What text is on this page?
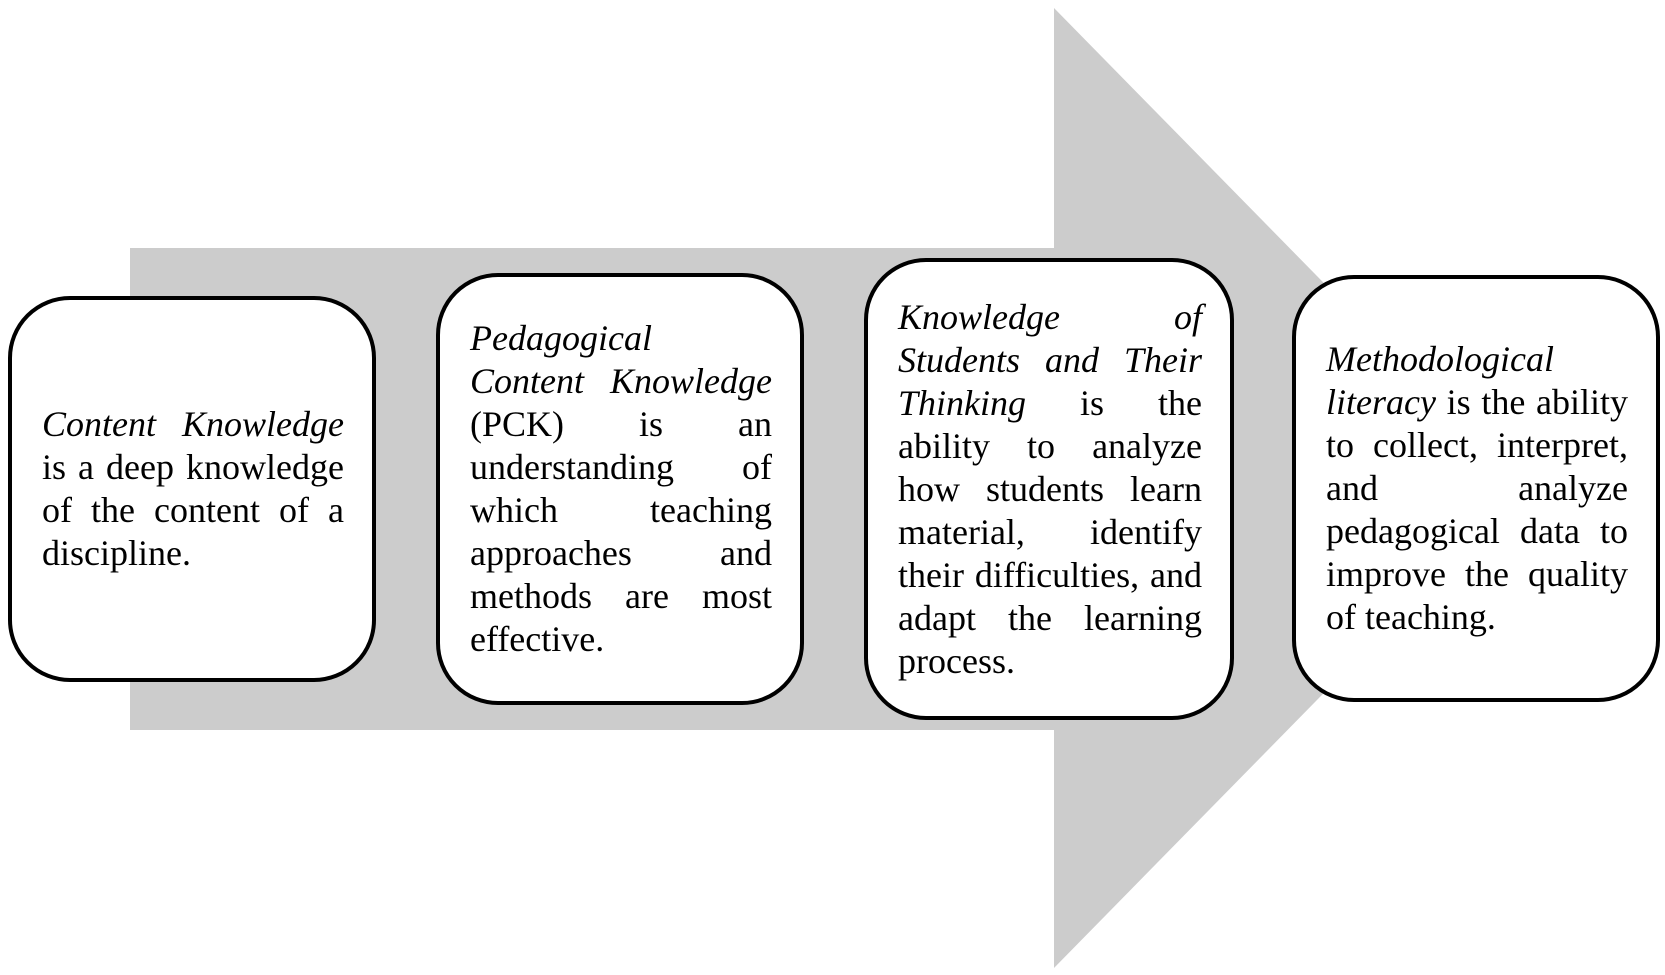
Content Knowledge is a deep knowledge of the content of a discipline.
Pedagogical Content Knowledge (PCK) is an understanding of which teaching approaches and methods are most effective.
Knowledge of Students and Their Thinking is the ability to analyze how students learn material, identify their difficulties, and adapt the learning process.
Methodological literacy is the ability to collect, interpret, and analyze pedagogical data to improve the quality of teaching.
